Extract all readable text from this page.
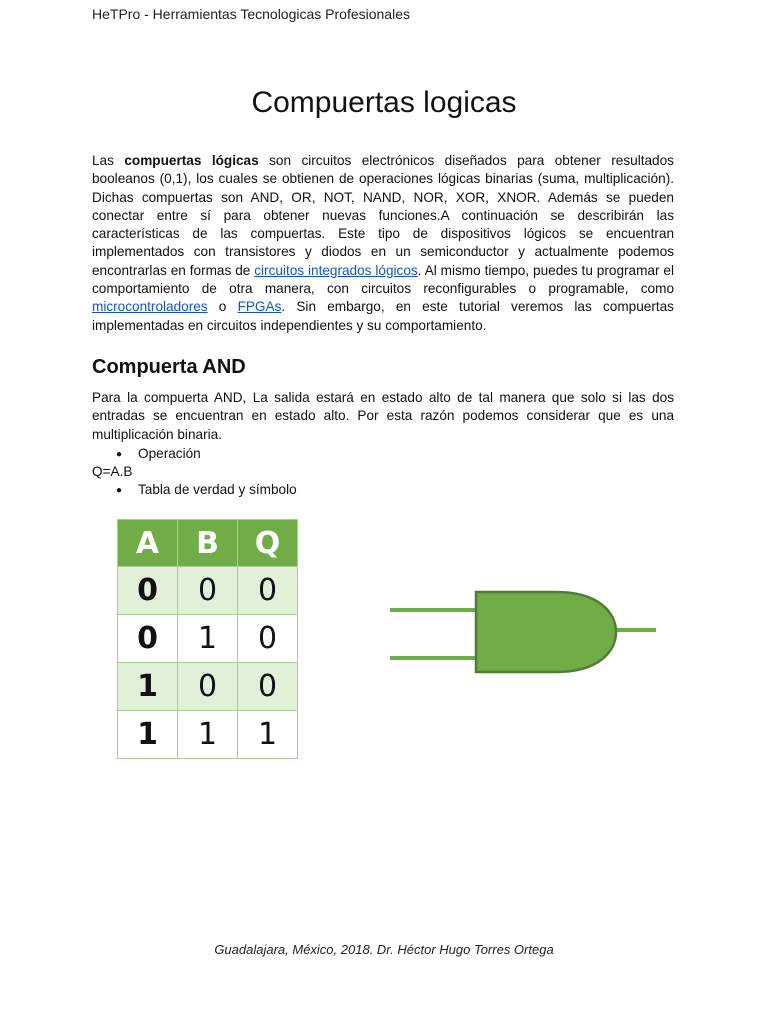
HeTPro - Herramientas Tecnologicas Profesionales
Compuertas logicas

Las compuertas lógicas son circuitos electrónicos diseñados para obtener resultados booleanos (0,1), los cuales se obtienen de operaciones lógicas binarias (suma, multiplicación). Dichas compuertas son AND, OR, NOT, NAND, NOR, XOR, XNOR. Además se pueden conectar entre sí para obtener nuevas funciones.A continuación se describirán las características de las compuertas. Este tipo de dispositivos lógicos se encuentran implementados con transistores y diodos en un semiconductor y actualmente podemos encontrarlas en formas de circuitos integrados lógicos. Al mismo tiempo, puedes tu programar el comportamiento de otra manera, con circuitos reconfigurables o programable, como microcontroladores o FPGAs. Sin embargo, en este tutorial veremos las compuertas implementadas en circuitos independientes y su comportamiento.

Compuerta AND

Para la compuerta AND, La salida estará en estado alto de tal manera que solo si las dos entradas se encuentran en estado alto. Por esta razón podemos considerar que es una multiplicación binaria.

● Operación
Q=A.B
● Tabla de verdad y símbolo
A	B	Q
0	0	0
0	1	0
1	0	0
1	1	1
Guadalajara, México, 2018. Dr. Héctor Hugo Torres Ortega
